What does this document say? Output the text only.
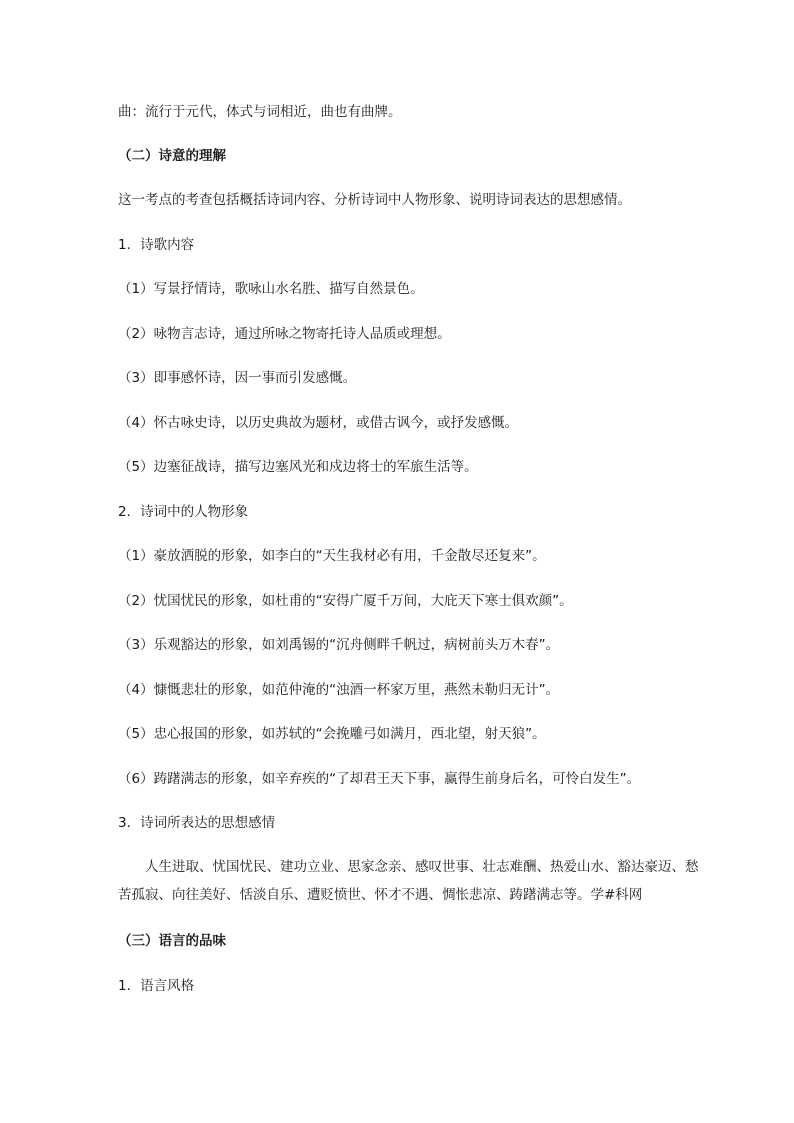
曲：流行于元代，体式与词相近，曲也有曲牌。

（二）诗意的理解

这一考点的考查包括概括诗词内容、分析诗词中人物形象、说明诗词表达的思想感情。

1．诗歌内容

（1）写景抒情诗，歌咏山水名胜、描写自然景色。

（2）咏物言志诗，通过所咏之物寄托诗人品质或理想。

（3）即事感怀诗，因一事而引发感慨。

（4）怀古咏史诗，以历史典故为题材，或借古讽今，或抒发感慨。

（5）边塞征战诗，描写边塞风光和戍边将士的军旅生活等。

2．诗词中的人物形象

（1）豪放洒脱的形象，如李白的“天生我材必有用，千金散尽还复来”。

（2）忧国忧民的形象，如杜甫的“安得广厦千万间，大庇天下寒士俱欢颜”。

（3）乐观豁达的形象，如刘禹锡的“沉舟侧畔千帆过，病树前头万木春”。

（4）慷慨悲壮的形象，如范仲淹的“浊酒一杯家万里，燕然未勒归无计”。

（5）忠心报国的形象，如苏轼的“会挽雕弓如满月，西北望，射天狼”。

（6）踌躇满志的形象，如辛弃疾的“了却君王天下事，赢得生前身后名，可怜白发生”。

3．诗词所表达的思想感情

人生进取、忧国忧民、建功立业、思家念亲、感叹世事、壮志难酬、热爱山水、豁达豪迈、愁苦孤寂、向往美好、恬淡自乐、遭贬愤世、怀才不遇、惆怅悲凉、踌躇满志等。学#科网

（三）语言的品味

1．语言风格
